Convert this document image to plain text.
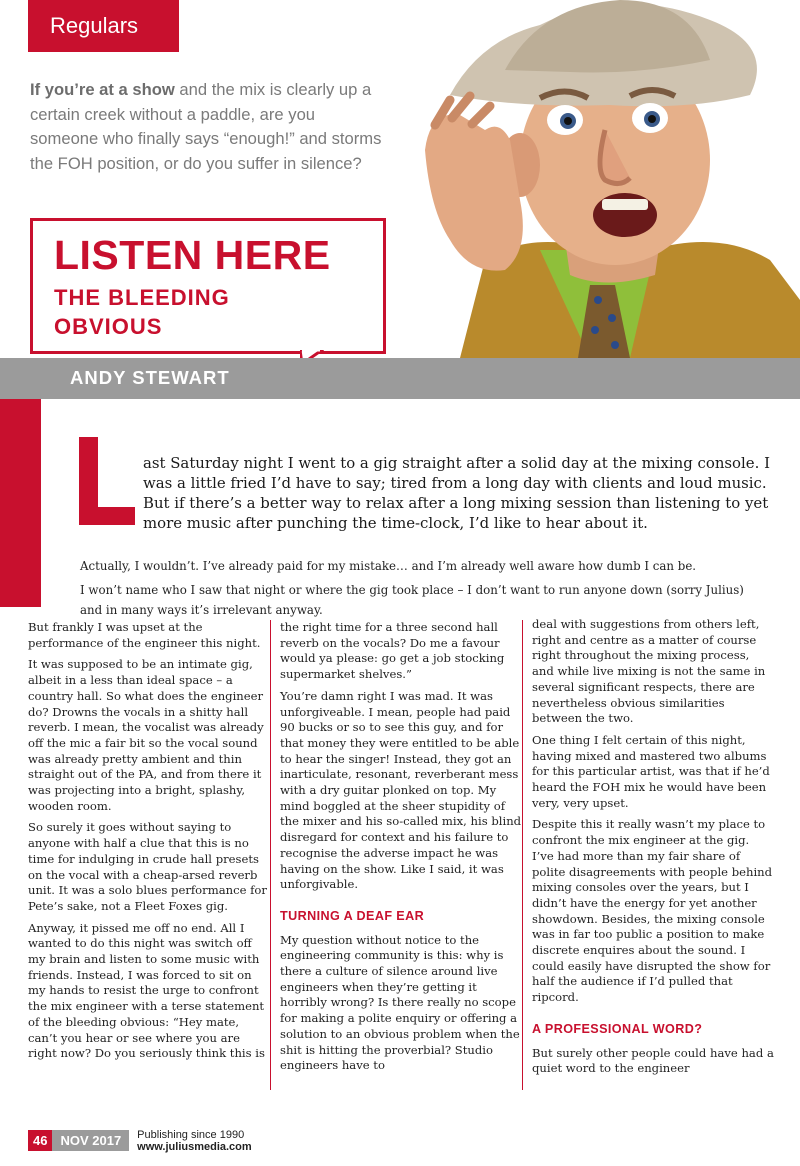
Regulars
If you’re at a show and the mix is clearly up a certain creek without a paddle, are you someone who finally says “enough!” and storms the FOH position, or do you suffer in silence?
LISTEN HERE
THE BLEEDING
OBVIOUS
ANDY STEWART
ast Saturday night I went to a gig straight after a solid day at the mixing console. I
was a little fried I’d have to say; tired from a long day with clients and loud music.
But if there’s a better way to relax after a long mixing session than listening to yet
more music after punching the time-clock, I’d like to hear about it.
Actually, I wouldn’t. I’ve already paid for my mistake… and I’m already well aware how dumb I can be.
I won’t name who I saw that night or where the gig took place – I don’t want to run anyone down (sorry Julius)
and in many ways it’s irrelevant anyway.

But frankly I was upset at the performance of the engineer this night.

It was supposed to be an intimate gig, albeit in a less than ideal space – a country hall. So what does the engineer do? Drowns the vocals in a shitty hall reverb. I mean, the vocalist was already off the mic a fair bit so the vocal sound was already pretty ambient and thin straight out of the PA, and from there it was projecting into a bright, splashy, wooden room.

So surely it goes without saying to anyone with half a clue that this is no time for indulging in crude hall presets on the vocal with a cheap-arsed reverb unit. It was a solo blues performance for Pete’s sake, not a Fleet Foxes gig.

Anyway, it pissed me off no end. All I wanted to do this night was switch off my brain and listen to some music with friends. Instead, I was forced to sit on my hands to resist the urge to confront the mix engineer with a terse statement of the bleeding obvious: “Hey mate, can’t you hear or see where you are right now? Do you seriously think this is

the right time for a three second hall reverb on the vocals? Do me a favour would ya please: go get a job stocking supermarket shelves.”

You’re damn right I was mad. It was unforgiveable. I mean, people had paid 90 bucks or so to see this guy, and for that money they were entitled to be able to hear the singer! Instead, they got an inarticulate, resonant, reverberant mess with a dry guitar plonked on top. My mind boggled at the sheer stupidity of the mixer and his so-called mix, his blind disregard for context and his failure to recognise the adverse impact he was having on the show. Like I said, it was unforgivable.

TURNING A DEAF EAR

My question without notice to the engineering community is this: why is there a culture of silence around live engineers when they’re getting it horribly wrong? Is there really no scope for making a polite enquiry or offering a solution to an obvious problem when the shit is hitting the proverbial? Studio engineers have to

deal with suggestions from others left, right and centre as a matter of course right throughout the mixing process, and while live mixing is not the same in several significant respects, there are nevertheless obvious similarities between the two.

One thing I felt certain of this night, having mixed and mastered two albums for this particular artist, was that if he’d heard the FOH mix he would have been very, very upset.

Despite this it really wasn’t my place to confront the mix engineer at the gig. I’ve had more than my fair share of polite disagreements with people behind mixing consoles over the years, but I didn’t have the energy for yet another showdown. Besides, the mixing console was in far too public a position to make discrete enquires about the sound. I could easily have disrupted the show for half the audience if I’d pulled that ripcord.

A PROFESSIONAL WORD?

But surely other people could have had a quiet word to the engineer

46	NOV 2017	Publishing since 1990
www.juliusmedia.com
